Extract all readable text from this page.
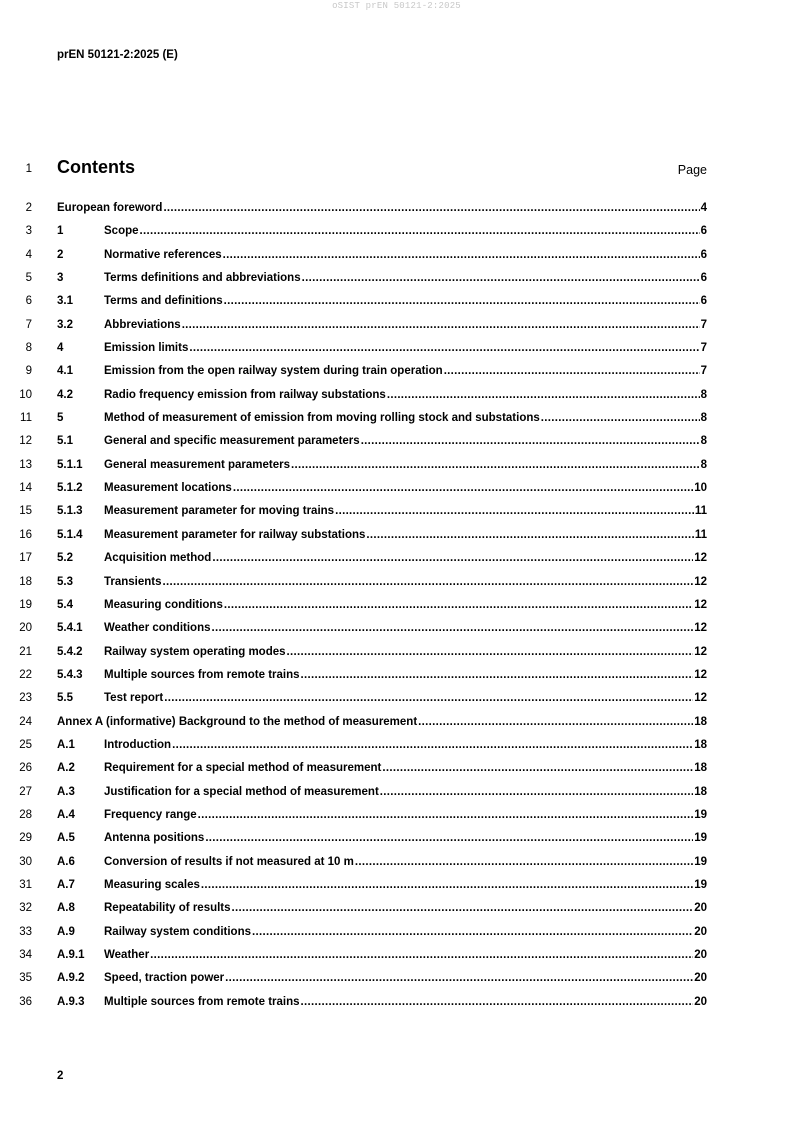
oSIST prEN 50121-2:2025
prEN 50121-2:2025 (E)
1 Contents	Page
2 European foreword .....	4
3 1	Scope .....	6
4 2	Normative references .....	6
5 3	Terms definitions and abbreviations .....	6
6 3.1	Terms and definitions .....	6
7 3.2	Abbreviations .....	7
8 4	Emission limits .....	7
9 4.1	Emission from the open railway system during train operation .....	7
10 4.2	Radio frequency emission from railway substations .....	8
11 5	Method of measurement of emission from moving rolling stock and substations .....	8
12 5.1	General and specific measurement parameters .....	8
13 5.1.1	General measurement parameters .....	8
14 5.1.2	Measurement locations .....	10
15 5.1.3	Measurement parameter for moving trains .....	11
16 5.1.4	Measurement parameter for railway substations .....	11
17 5.2	Acquisition method .....	12
18 5.3	Transients .....	12
19 5.4	Measuring conditions .....	12
20 5.4.1	Weather conditions .....	12
21 5.4.2	Railway system operating modes .....	12
22 5.4.3	Multiple sources from remote trains .....	12
23 5.5	Test report .....	12
24 Annex A (informative) Background to the method of measurement .....	18
25 A.1	Introduction .....	18
26 A.2	Requirement for a special method of measurement .....	18
27 A.3	Justification for a special method of measurement .....	18
28 A.4	Frequency range .....	19
29 A.5	Antenna positions .....	19
30 A.6	Conversion of results if not measured at 10 m .....	19
31 A.7	Measuring scales .....	19
32 A.8	Repeatability of results .....	20
33 A.9	Railway system conditions .....	20
34 A.9.1	Weather .....	20
35 A.9.2	Speed, traction power .....	20
36 A.9.3	Multiple sources from remote trains .....	20
2
